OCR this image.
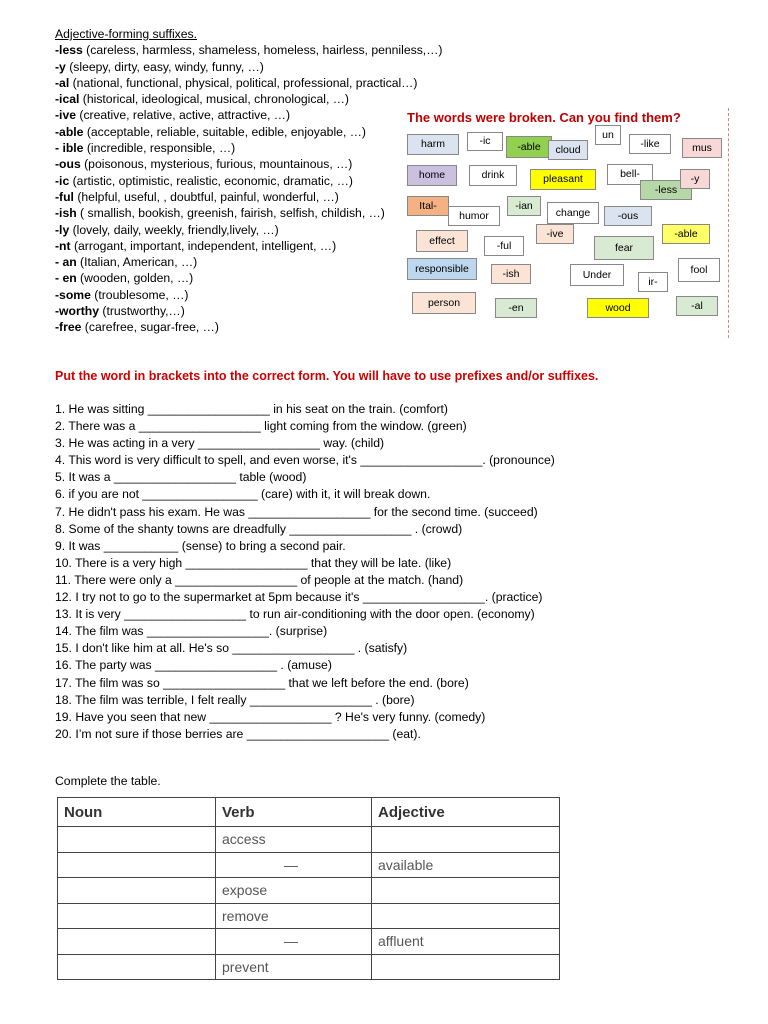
Adjective-forming suffixes.
-less (careless, harmless, shameless, homeless, hairless, penniless,…)
-y (sleepy, dirty, easy, windy, funny, …)
-al (national, functional, physical, political, professional, practical…)
-ical (historical, ideological, musical, chronological, …)
-ive (creative, relative, active, attractive, …)
-able (acceptable, reliable, suitable, edible, enjoyable, …)
- ible (incredible, responsible, …)
-ous (poisonous, mysterious, furious, mountainous, …)
-ic (artistic, optimistic, realistic, economic, dramatic, …)
-ful (helpful, useful, , doubtful, painful, wonderful, …)
-ish ( smallish, bookish, greenish, fairish, selfish, childish, …)
-ly (lovely, daily, weekly, friendly,lively, …)
-nt (arrogant, important, independent, intelligent, …)
- an (Italian, American, …)
- en (wooden, golden, …)
-some (troublesome, …)
-worthy (trustworthy,…)
-free (carefree, sugar-free, …)
The words were broken. Can you find them?
harm	-ic	-able	cloud
un
-like	mus
home	drink	pleasant	bell-
-less
-y
Ital-
humor
-ian
change	-ous
-able
effect	-ful
-ive
fear
responsible	-ish	Under
ir-
fool
person	-en	wood	-al
Put the word in brackets into the correct form. You will have to use prefixes and/or suffixes.
1. He was sitting __________________ in his seat on the train. (comfort)
2. There was a __________________ light coming from the window. (green)
3. He was acting in a very __________________ way. (child)
4. This word is very difficult to spell, and even worse, it's __________________. (pronounce)
5. It was a __________________ table (wood)
6. if you are not _________________ (care) with it, it will break down.
7. He didn't pass his exam. He was __________________ for the second time. (succeed)
8. Some of the shanty towns are dreadfully __________________ . (crowd)
9. It was ___________ (sense) to bring a second pair.
10. There is a very high __________________ that they will be late. (like)
11. There were only a __________________ of people at the match. (hand)
12. I try not to go to the supermarket at 5pm because it's __________________. (practice)
13. It is very __________________ to run air-conditioning with the door open. (economy)
14. The film was __________________. (surprise)
15. I don't like him at all. He's so __________________ . (satisfy)
16. The party was __________________ . (amuse)
17. The film was so __________________ that we left before the end. (bore)
18. The film was terrible, I felt really __________________ . (bore)
19. Have you seen that new __________________ ? He's very funny. (comedy)
20. I’m not sure if those berries are _____________________ (eat).
Complete the table.
Noun	Verb	Adjective
	access	
	—	available
	expose	
	remove	
	—	affluent
	prevent	
